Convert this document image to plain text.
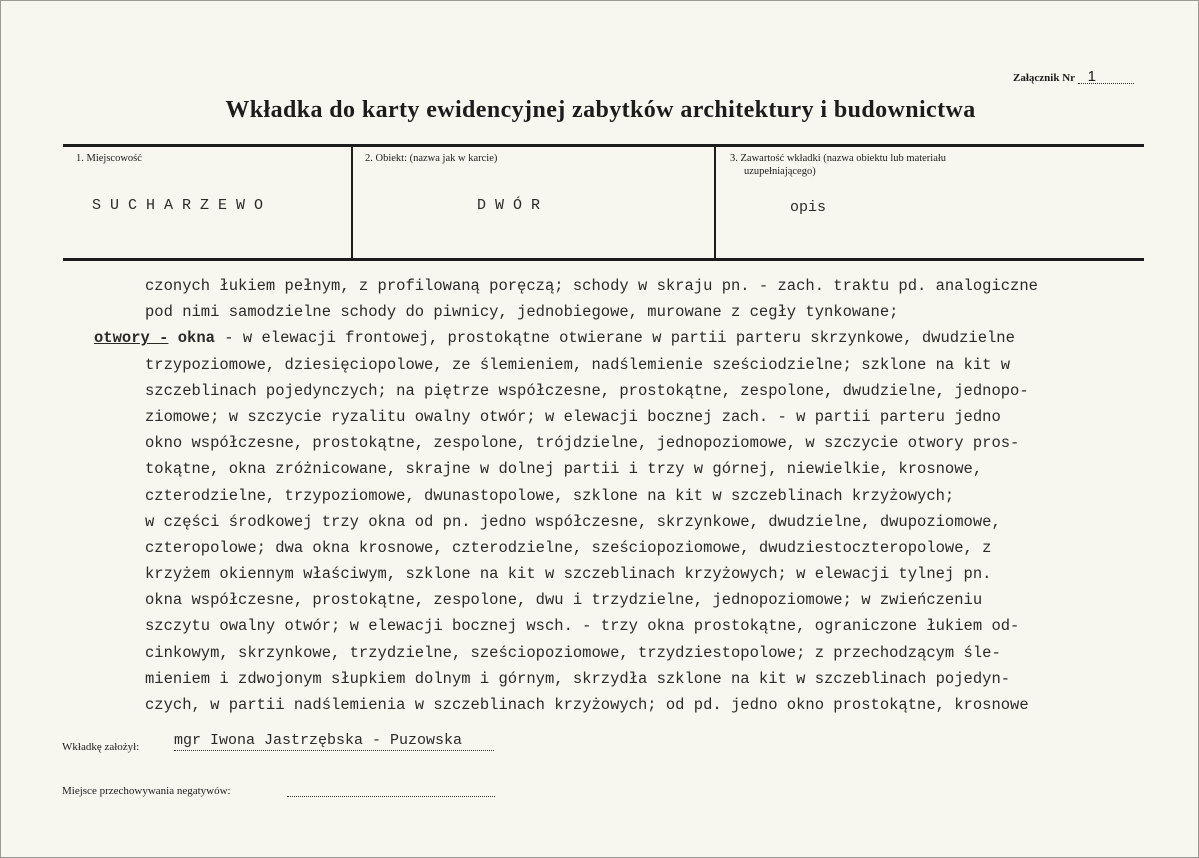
Załącznik Nr 1
Wkładka do karty ewidencyjnej zabytków architektury i budownictwa
1. Miejscowość
S U C H A R Z E W O
2. Obiekt: (nazwa jak w karcie)
D W Ó R
3. Zawartość wkładki (nazwa obiektu lub materiału
uzupełniającego)
opis
czonych łukiem pełnym, z profilowaną poręczą; schody w skraju pn. - zach. traktu pd. analogiczne
pod nimi samodzielne schody do piwnicy, jednobiegowe, murowane z cegły tynkowane;
otwory - okna - w elewacji frontowej, prostokątne otwierane w partii parteru skrzynkowe, dwudzielne
trzypoziomowe, dziesięciopolowe, ze ślemieniem, nadślemienie sześciodzielne; szklone na kit w
szczeblinach pojedynczych; na piętrze współczesne, prostokątne, zespolone, dwudzielne, jednopo-
ziomowe; w szczycie ryzalitu owalny otwór; w elewacji bocznej zach. - w partii parteru jedno
okno współczesne, prostokątne, zespolone, trójdzielne, jednopoziomowe, w szczycie otwory pros-
tokątne, okna zróżnicowane, skrajne w dolnej partii i trzy w górnej, niewielkie, krosnowe,
czterodzielne, trzypoziomowe, dwunastopolowe, szklone na kit w szczeblinach krzyżowych;
w części środkowej trzy okna od pn. jedno współczesne, skrzynkowe, dwudzielne, dwupoziomowe,
czteropolowe; dwa okna krosnowe, czterodzielne, sześciopoziomowe, dwudziestoczteropolowe, z
krzyżem okiennym właściwym, szklone na kit w szczeblinach krzyżowych; w elewacji tylnej pn.
okna współczesne, prostokątne, zespolone, dwu i trzydzielne, jednopoziomowe; w zwieńczeniu
szczytu owalny otwór; w elewacji bocznej wsch. - trzy okna prostokątne, ograniczone łukiem od-
cinkowym, skrzynkowe, trzydzielne, sześciopoziomowe, trzydziestopolowe; z przechodzącym śle-
mieniem i zdwojonym słupkiem dolnym i górnym, skrzydła szklone na kit w szczeblinach pojedyn-
czych, w partii nadślemienia w szczeblinach krzyżowych; od pd. jedno okno prostokątne, krosnowe
Wkładkę założył: mgr Iwona Jastrzębska - Puzowska
Miejsce przechowywania negatywów:
